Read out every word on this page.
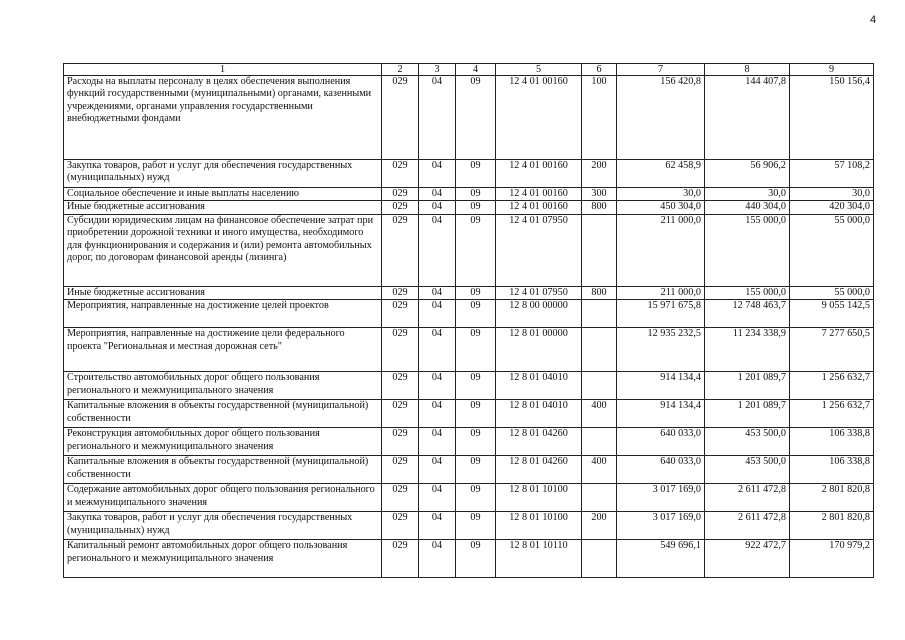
4
1	2	3	4	5	6	7	8	9
Расходы на выплаты персоналу в целях обеспечения выполнения функций государственными (муниципальными) органами, казенными учреждениями, органами управления государственными внебюджетными фондами	029	04	09	12 4 01 00160	100	156 420,8	144 407,8	150 156,4
Закупка товаров, работ и услуг для обеспечения государственных (муниципальных) нужд	029	04	09	12 4 01 00160	200	62 458,9	56 906,2	57 108,2
Социальное обеспечение и иные выплаты населению	029	04	09	12 4 01 00160	300	30,0	30,0	30,0
Иные бюджетные ассигнования	029	04	09	12 4 01 00160	800	450 304,0	440 304,0	420 304,0
Субсидии юридическим лицам на финансовое обеспечение затрат при приобретении дорожной техники и иного имущества, необходимого для функционирования и содержания и (или) ремонта автомобильных дорог, по договорам финансовой аренды (лизинга)	029	04	09	12 4 01 07950		211 000,0	155 000,0	55 000,0
Иные бюджетные ассигнования	029	04	09	12 4 01 07950	800	211 000,0	155 000,0	55 000,0
Мероприятия, направленные на достижение целей проектов	029	04	09	12 8 00 00000		15 971 675,8	12 748 463,7	9 055 142,5
Мероприятия, направленные на достижение цели федерального проекта "Региональная и местная дорожная сеть"	029	04	09	12 8 01 00000		12 935 232,5	11 234 338,9	7 277 650,5
Строительство автомобильных дорог общего пользования регионального и межмуниципального значения	029	04	09	12 8 01 04010		914 134,4	1 201 089,7	1 256 632,7
Капитальные вложения в объекты государственной (муниципальной) собственности	029	04	09	12 8 01 04010	400	914 134,4	1 201 089,7	1 256 632,7
Реконструкция автомобильных дорог общего пользования регионального и межмуниципального значения	029	04	09	12 8 01 04260		640 033,0	453 500,0	106 338,8
Капитальные вложения в объекты государственной (муниципальной) собственности	029	04	09	12 8 01 04260	400	640 033,0	453 500,0	106 338,8
Содержание автомобильных дорог общего пользования регионального и межмуниципального значения	029	04	09	12 8 01 10100		3 017 169,0	2 611 472,8	2 801 820,8
Закупка товаров, работ и услуг для обеспечения государственных (муниципальных) нужд	029	04	09	12 8 01 10100	200	3 017 169,0	2 611 472,8	2 801 820,8
Капитальный ремонт автомобильных дорог общего пользования регионального и межмуниципального значения	029	04	09	12 8 01 10110		549 696,1	922 472,7	170 979,2
